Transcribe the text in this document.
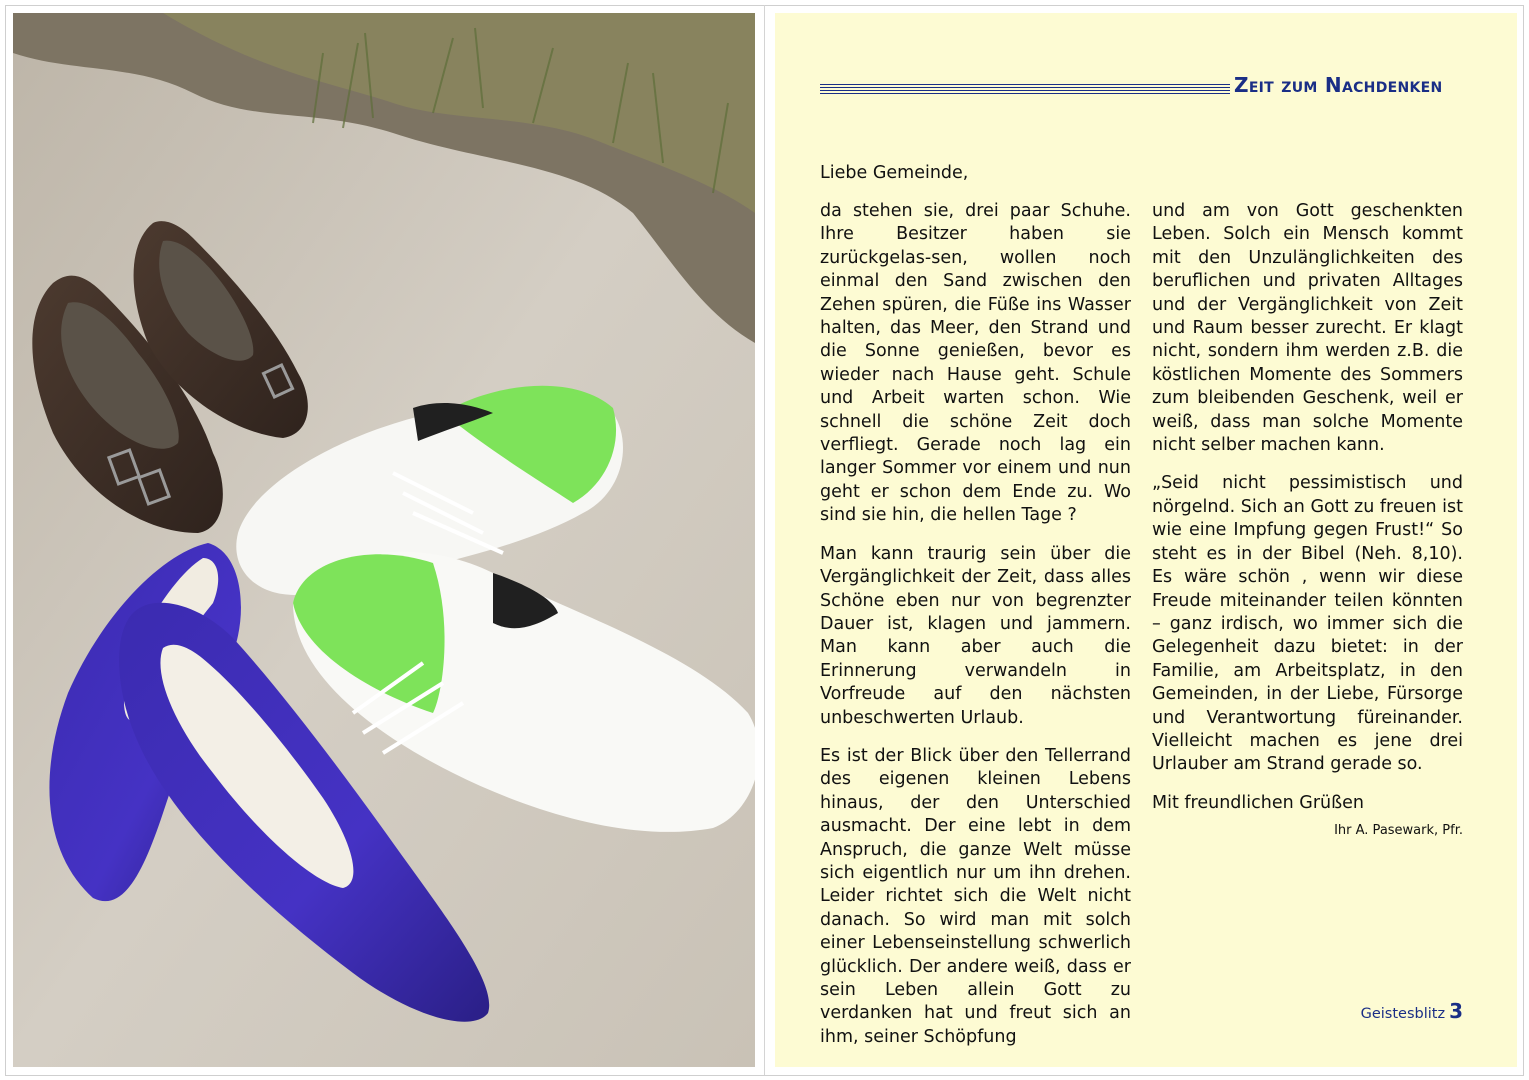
Zeit zum Nachdenken
Liebe Gemeinde,

da stehen sie, drei paar Schuhe. Ihre Besitzer haben sie zurückgelas-sen, wollen noch einmal den Sand zwischen den Zehen spüren, die Füße ins Wasser halten, das Meer, den Strand und die Sonne genießen, bevor es wieder nach Hause geht. Schule und Arbeit warten schon. Wie schnell die schöne Zeit doch verfliegt. Gerade noch lag ein langer Sommer vor einem und nun geht er schon dem Ende zu. Wo sind sie hin, die hellen Tage ?

Man kann traurig sein über die Vergänglichkeit der Zeit, dass alles Schöne eben nur von begrenzter Dauer ist, klagen und jammern. Man kann aber auch die Erinnerung verwandeln in Vorfreude auf den nächsten unbeschwerten Urlaub.

Es ist der Blick über den Tellerrand des eigenen kleinen Lebens hinaus, der den Unterschied ausmacht. Der eine lebt in dem Anspruch, die ganze Welt müsse sich eigentlich nur um ihn drehen. Leider richtet sich die Welt nicht danach. So wird man mit solch einer Lebenseinstellung schwerlich glücklich. Der andere weiß, dass er sein Leben allein Gott zu verdanken hat und freut sich an ihm, seiner Schöpfung

und am von Gott geschenkten Leben. Solch ein Mensch kommt mit den Unzulänglichkeiten des beruflichen und privaten Alltages und der Vergänglichkeit von Zeit und Raum besser zurecht. Er klagt nicht, sondern ihm werden z.B. die köstlichen Momente des Sommers zum bleibenden Geschenk, weil er weiß, dass man solche Momente nicht selber machen kann.

„Seid nicht pessimistisch und nörgelnd. Sich an Gott zu freuen ist wie eine Impfung gegen Frust!“ So steht es in der Bibel (Neh. 8,10). Es wäre schön , wenn wir diese Freude miteinander teilen könnten – ganz irdisch, wo immer sich die Gelegenheit dazu bietet: in der Familie, am Arbeitsplatz, in den Gemeinden, in der Liebe, Fürsorge und Verantwortung füreinander. Vielleicht machen es jene drei Urlauber am Strand gerade so.

Mit freundlichen Grüßen

Ihr A. Pasewark, Pfr.
Geistesblitz 3
